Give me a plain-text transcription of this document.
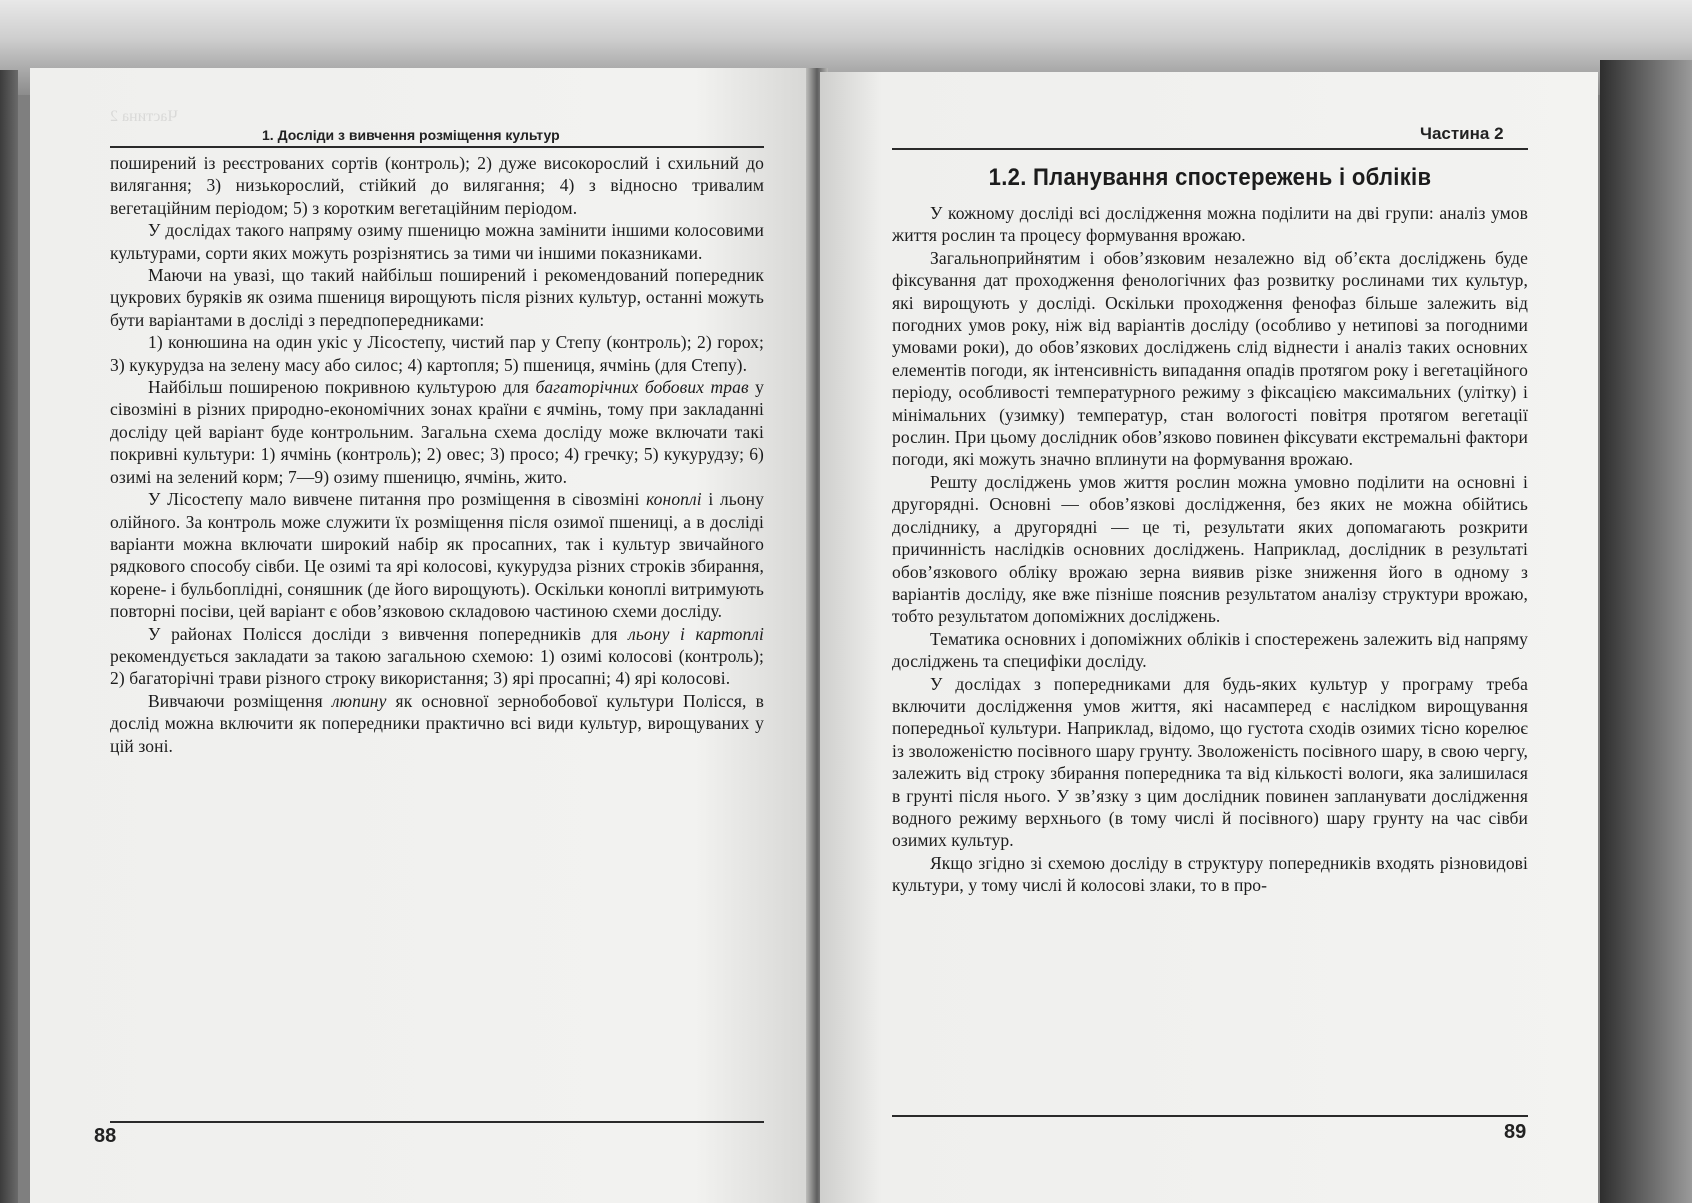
Частина 2
1. Досліди з вивчення розміщення культур

поширений із реєстрованих сортів (контроль); 2) дуже високорослий і схильний до вилягання; 3) низькорослий, стійкий до вилягання; 4) з відносно тривалим вегетаційним періодом; 5) з коротким вегетаційним періодом.

У дослідах такого напряму озиму пшеницю можна замінити іншими колосовими культурами, сорти яких можуть розрізнятись за тими чи іншими показниками.

Маючи на увазі, що такий найбільш поширений і рекомендований попередник цукрових буряків як озима пшениця вирощують після різних культур, останні можуть бути варіантами в досліді з передпопередниками:

1) конюшина на один укіс у Лісостепу, чистий пар у Степу (контроль); 2) горох; 3) кукурудза на зелену масу або силос; 4) картопля; 5) пшениця, ячмінь (для Степу).

Найбільш поширеною покривною культурою для багаторічних бобових трав у сівозміні в різних природно-економічних зонах країни є ячмінь, тому при закладанні досліду цей варіант буде контрольним. Загальна схема досліду може включати такі покривні культури: 1) ячмінь (контроль); 2) овес; 3) просо; 4) гречку; 5) кукурудзу; 6) озимі на зелений корм; 7—9) озиму пшеницю, ячмінь, жито.

У Лісостепу мало вивчене питання про розміщення в сівозміні коноплі і льону олійного. За контроль може служити їх розміщення після озимої пшениці, а в досліді варіанти можна включати широкий набір як просапних, так і культур звичайного рядкового способу сівби. Це озимі та ярі колосові, кукурудза різних строків збирання, корене- і бульбоплідні, соняшник (де його вирощують). Оскільки коноплі витримують повторні посіви, цей варіант є обов’язковою складовою частиною схеми досліду.

У районах Полісся досліди з вивчення попередників для льону і картоплі рекомендується закладати за такою загальною схемою: 1) озимі колосові (контроль); 2) багаторічні трави різного строку використання; 3) ярі просапні; 4) ярі колосові.

Вивчаючи розміщення люпину як основної зернобобової культури Полісся, в дослід можна включити як попередники практично всі види культур, вирощуваних у цій зоні.

88
Частина 2
1.2. Планування спостережень і обліків

У кожному досліді всі дослідження можна поділити на дві групи: аналіз умов життя рослин та процесу формування врожаю.

Загальноприйнятим і обов’язковим незалежно від об’єкта досліджень буде фіксування дат проходження фенологічних фаз розвитку рослинами тих культур, які вирощують у досліді. Оскільки проходження фенофаз більше залежить від погодних умов року, ніж від варіантів досліду (особливо у нетипові за погодними умовами роки), до обов’язкових досліджень слід віднести і аналіз таких основних елементів погоди, як інтенсивність випадання опадів протягом року і вегетаційного періоду, особливості температурного режиму з фіксацією максимальних (улітку) і мінімальних (узимку) температур, стан вологості повітря протягом вегетації рослин. При цьому дослідник обов’язково повинен фіксувати екстремальні фактори погоди, які можуть значно вплинути на формування врожаю.

Решту досліджень умов життя рослин можна умовно поділити на основні і другорядні. Основні — обов’язкові дослідження, без яких не можна обійтись досліднику, а другорядні — це ті, результати яких допомагають розкрити причинність наслідків основних досліджень. Наприклад, дослідник в результаті обов’язкового обліку врожаю зерна виявив різке зниження його в одному з варіантів досліду, яке вже пізніше пояснив результатом аналізу структури врожаю, тобто результатом допоміжних досліджень.

Тематика основних і допоміжних обліків і спостережень залежить від напряму досліджень та специфіки досліду.

У дослідах з попередниками для будь-яких культур у програму треба включити дослідження умов життя, які насамперед є наслідком вирощування попередньої культури. Наприклад, відомо, що густота сходів озимих тісно корелює із зволоженістю посівного шару грунту. Зволоженість посівного шару, в свою чергу, залежить від строку збирання попередника та від кількості вологи, яка залишилася в грунті після нього. У зв’язку з цим дослідник повинен запланувати дослідження водного режиму верхнього (в тому числі й посівного) шару грунту на час сівби озимих культур.

Якщо згідно зі схемою досліду в структуру попередників входять різновидові культури, у тому числі й колосові злаки, то в про-

89
